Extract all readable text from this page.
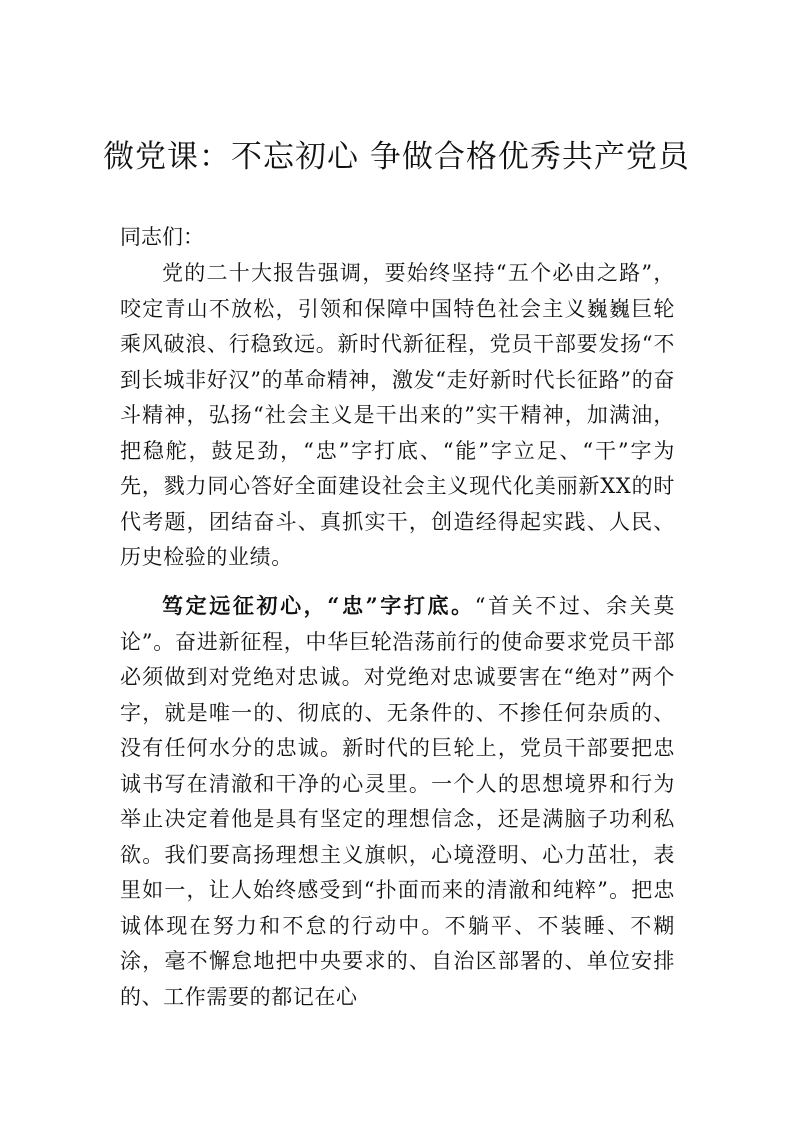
微党课：不忘初心 争做合格优秀共产党员

同志们：

党的二十大报告强调，要始终坚持“五个必由之路”，咬定青山不放松，引领和保障中国特色社会主义巍巍巨轮乘风破浪、行稳致远。新时代新征程，党员干部要发扬“不到长城非好汉”的革命精神，激发“走好新时代长征路”的奋斗精神，弘扬“社会主义是干出来的”实干精神，加满油，把稳舵，鼓足劲，“忠”字打底、“能”字立足、“干”字为先，戮力同心答好全面建设社会主义现代化美丽新XX的时代考题，团结奋斗、真抓实干，创造经得起实践、人民、历史检验的业绩。

笃定远征初心，“忠”字打底。“首关不过、余关莫论”。奋进新征程，中华巨轮浩荡前行的使命要求党员干部必须做到对党绝对忠诚。对党绝对忠诚要害在“绝对”两个字，就是唯一的、彻底的、无条件的、不掺任何杂质的、没有任何水分的忠诚。新时代的巨轮上，党员干部要把忠诚书写在清澈和干净的心灵里。一个人的思想境界和行为举止决定着他是具有坚定的理想信念，还是满脑子功利私欲。我们要高扬理想主义旗帜，心境澄明、心力茁壮，表里如一，让人始终感受到“扑面而来的清澈和纯粹”。把忠诚体现在努力和不怠的行动中。不躺平、不装睡、不糊涂，毫不懈怠地把中央要求的、自治区部署的、单位安排的、工作需要的都记在心
